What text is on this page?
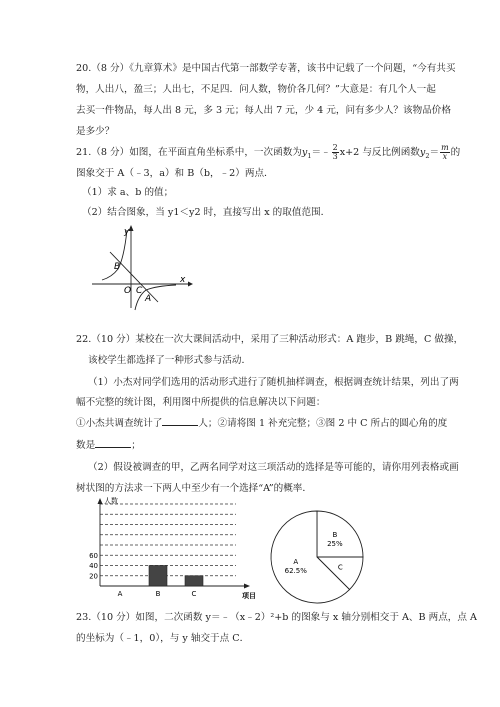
20.（8 分）《九章算术》是中国古代第一部数学专著，该书中记载了一个问题，“今有共买
物，人出八，盈三；人出七，不足四．问人数，物价各几何？”大意是：有几个人一起
去买一件物品，每人出 8 元，多 3 元；每人出 7 元，少 4 元，问有多少人？该物品价格
是多少？
21.（8 分）如图，在平面直角坐标系中，一次函数为$y_1=﹣ \frac{2}{3} x+2$ 与反比例函数$y_2= \frac{m}{x}$ 的
图象交于 A（﹣3，a）和 B（b，﹣2）两点．
（1）求 a、b 的值；
（2）结合图象，当 y1＜y2 时，直接写出 x 的取值范围．
y
x
B
O C
A
22.（10 分）某校在一次大课间活动中，采用了三种活动形式：A 跑步，B 跳绳，C 做操，
该校学生都选择了一种形式参与活动．
（1）小杰对同学们选用的活动形式进行了随机抽样调查，根据调查统计结果，列出了两
幅不完整的统计图，利用图中所提供的信息解决以下问题：
①小杰共调查统计了	人；②请将图 1 补充完整；③图 2 中 C 所占的圆心角的度
数是	；
（2）假设被调查的甲，乙两名同学对这三项活动的选择是等可能的，请你用列表格或画
树状图的方法求一下两人中至少有一个选择“A”的概率．
人数
项目
20
40
60
A	B	C
B
25%
C
A
62.5%
23.（10 分）如图，二次函数 y＝﹣（x﹣2）²+b 的图象与 x 轴分别相交于 A、B 两点，点 A
的坐标为（﹣1，0），与 y 轴交于点 C．
